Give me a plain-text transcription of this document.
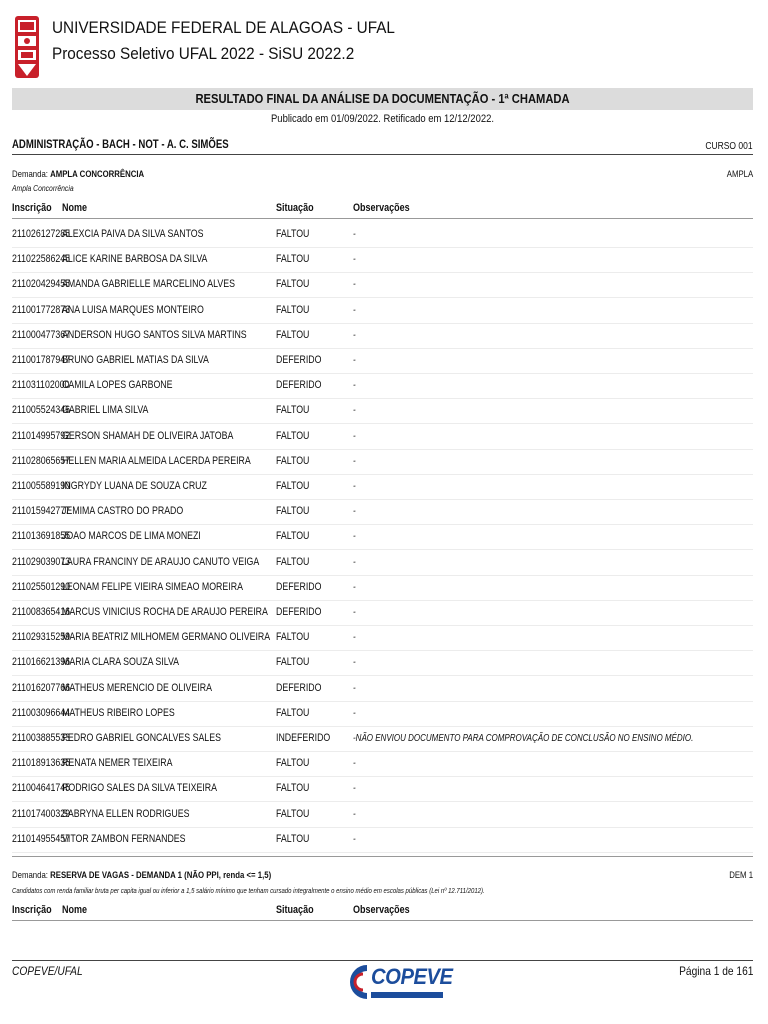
UNIVERSIDADE FEDERAL DE ALAGOAS - UFAL
Processo Seletivo UFAL 2022 - SiSU 2022.2
RESULTADO FINAL DA ANÁLISE DA DOCUMENTAÇÃO - 1ª CHAMADA
Publicado em 01/09/2022. Retificado em 12/12/2022.
ADMINISTRAÇÃO - BACH - NOT - A. C. SIMÕES	CURSO 001
Demanda: AMPLA CONCORRÊNCIA	AMPLA
Ampla Concorrência
Inscrição Nome	Situação	Observações
211026127285
ALEXCIA PAIVA DA SILVA SANTOS	FALTOU	-
211022586245
ALICE KARINE BARBOSA DA SILVA	FALTOU	-
211020429455
AMANDA GABRIELLE MARCELINO ALVES	FALTOU	-
211001772873
ANA LUISA MARQUES MONTEIRO	FALTOU	-
211000477367
ANDERSON HUGO SANTOS SILVA MARTINS	FALTOU	-
211001787947
BRUNO GABRIEL MATIAS DA SILVA	DEFERIDO	-
211031102000
CAMILA LOPES GARBONE	DEFERIDO	-
211005524346
GABRIEL LIMA SILVA	FALTOU	-
211014995792
GERSON SHAMAH DE OLIVEIRA JATOBA	FALTOU	-
211028065657
HELLEN MARIA ALMEIDA LACERDA PEREIRA FALTOU	-
211005589190
INGRYDY LUANA DE SOUZA CRUZ	FALTOU	-
211015942777
JEMIMA CASTRO DO PRADO	FALTOU	-
211013691855
JOAO MARCOS DE LIMA MONEZI	FALTOU	-
211029039073
LAURA FRANCINY DE ARAUJO CANUTO VEIGA FALTOU	-
211025501290
LEONAM FELIPE VIEIRA SIMEAO MOREIRA	DEFERIDO	-
211008365416
MARCUS VINICIUS ROCHA DE ARAUJO PEREIRA DEFERIDO	-
211029315259
MARIA BEATRIZ MILHOMEM GERMANO OLIVEIRA FALTOU	-
211016621396
MARIA CLARA SOUZA SILVA	FALTOU	-
211016207766
MATHEUS MERENCIO DE OLIVEIRA	DEFERIDO	-
211003096644
MATHEUS RIBEIRO LOPES	FALTOU	-
211003885533
PEDRO GABRIEL GONCALVES SALES	INDEFERIDO -NÃO ENVIOU DOCUMENTO PARA COMPROVAÇÃO DE CONCLUSÃO NO ENSINO MÉDIO.
211018913635
RENATA NEMER TEIXEIRA	FALTOU	-
211004641745
RODRIGO SALES DA SILVA TEIXEIRA	FALTOU	-
211017400329
SABRYNA ELLEN RODRIGUES	FALTOU	-
211014955457
VITOR ZAMBON FERNANDES	FALTOU	-
Demanda: RESERVA DE VAGAS - DEMANDA 1 (NÃO PPI, renda <= 1,5)	DEM 1
Candidatos com renda familiar bruta per capita igual ou inferior a 1,5 salário mínimo que tenham cursado integralmente o ensino médio em escolas públicas (Lei nº 12.711/2012).
Inscrição Nome	Situação	Observações
COPEVE/UFAL	COPEVE	Página 1 de 161
